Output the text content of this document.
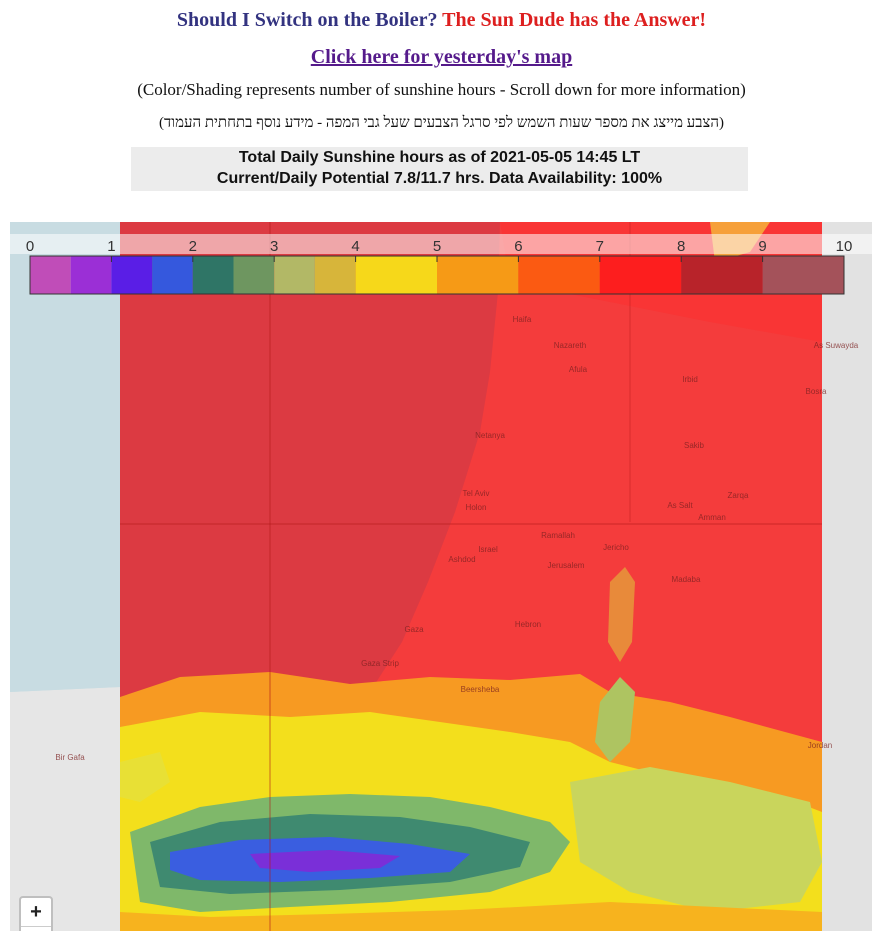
Should I Switch on the Boiler? The Sun Dude has the Answer!
Click here for yesterday's map
(Color/Shading represents number of sunshine hours - Scroll down for more information)
(הצבע מייצג את מספר שעות השמש לפי סרגל הצבעים שעל גבי המפה - מידע נוסף בתחתית העמוד)
Total Daily Sunshine hours as of 2021-05-05 14:45 LT
Current/Daily Potential 7.8/11.7 hrs. Data Availability: 100%
0	1	2	3	4	5	6	7	8	9	10
Haifa
Nazareth
Afula
Irbid
Netanya
Tel Aviv
Holon
Israel
Ramallah
Jericho
Jerusalem
Ashdod
Hebron
Gaza
Gaza Strip
Beersheba
Amman
As Salt
Zarqa
Madaba
Jordan
Bosra
As Suwayda
Sakib
Bir Gafa
+
